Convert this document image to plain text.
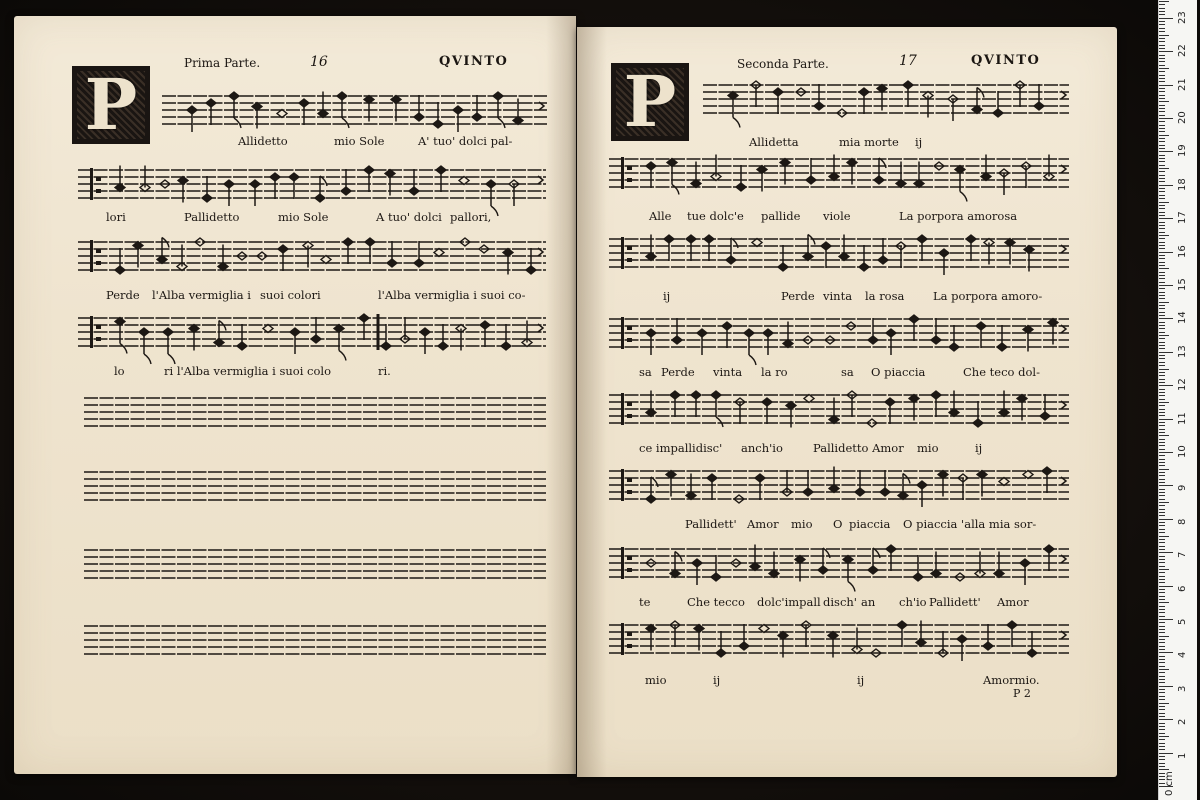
Prima Parte.	16	QVINTO
P	Allidetto	mio Sole	A' tuo' dolci pal-
lori	Pallidetto	mio Sole	A tuo' dolci pallori,
Perde l'Alba vermiglia i suoi colori	l'Alba vermiglia i suoi co-
lo	ri l'Alba vermiglia i suoi colo	ri.
Seconda Parte.	17	QVINTO
P	Allidetta	mia morte ij
Alle tue dolc'e pallide viole	La porpora amorosa
ij	Perde vinta la rosa La porpora amoro-
sa Perde vinta la ro	sa O piaccia	Che teco dol-
ce impallidisc' anch'io	Pallidetto Amor mio	ij
Pallidett' Amor mio O piaccia O piaccia 'alla mia sor-
te	Che tecco dolc'impall disch' an ch'io Pallidett' Amor
mio	ij	ij	Amormio.
P 2
1
2
3
4
5
6
7
8
9
10
11
12
13
14
15
16
17
18
19
20
21
22
23
0 cm
